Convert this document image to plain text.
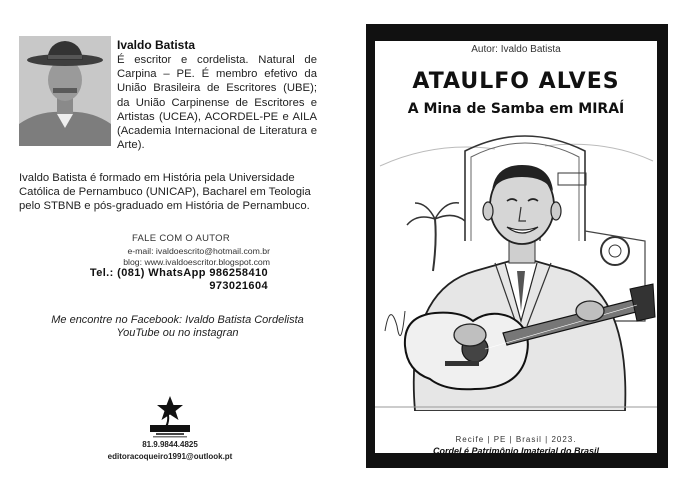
Ivaldo Batista
É escritor e cordelista. Natural de Carpina – PE. É membro efetivo da União Brasileira de Escritores (UBE); da União Carpinense de Escritores e Artistas (UCEA), ACORDEL-PE e AILA (Academia Internacional de Literatura e Arte).
Ivaldo Batista é formado em História pela Universidade Católica de Pernambuco (UNICAP), Bacharel em Teologia pelo STBNB e pós-graduado em História de Pernambuco.
FALE COM O AUTOR
e-mail: ivaldoescrito@hotmail.com.br
blog: www.ivaldoescritor.blogspot.com
Tel.: (081) WhatsApp 986258410
973021604
Me encontre no Facebook: Ivaldo Batista Cordelista
YouTube ou no instagran
81.9.9844.4825
editoracoqueiro1991@outlook.pt
Autor: Ivaldo Batista
ATAULFO ALVES
A Mina de Samba em MIRAÍ
Recife | PE | Brasil | 2023.
Cordel é Patrimônio Imaterial do Brasil
